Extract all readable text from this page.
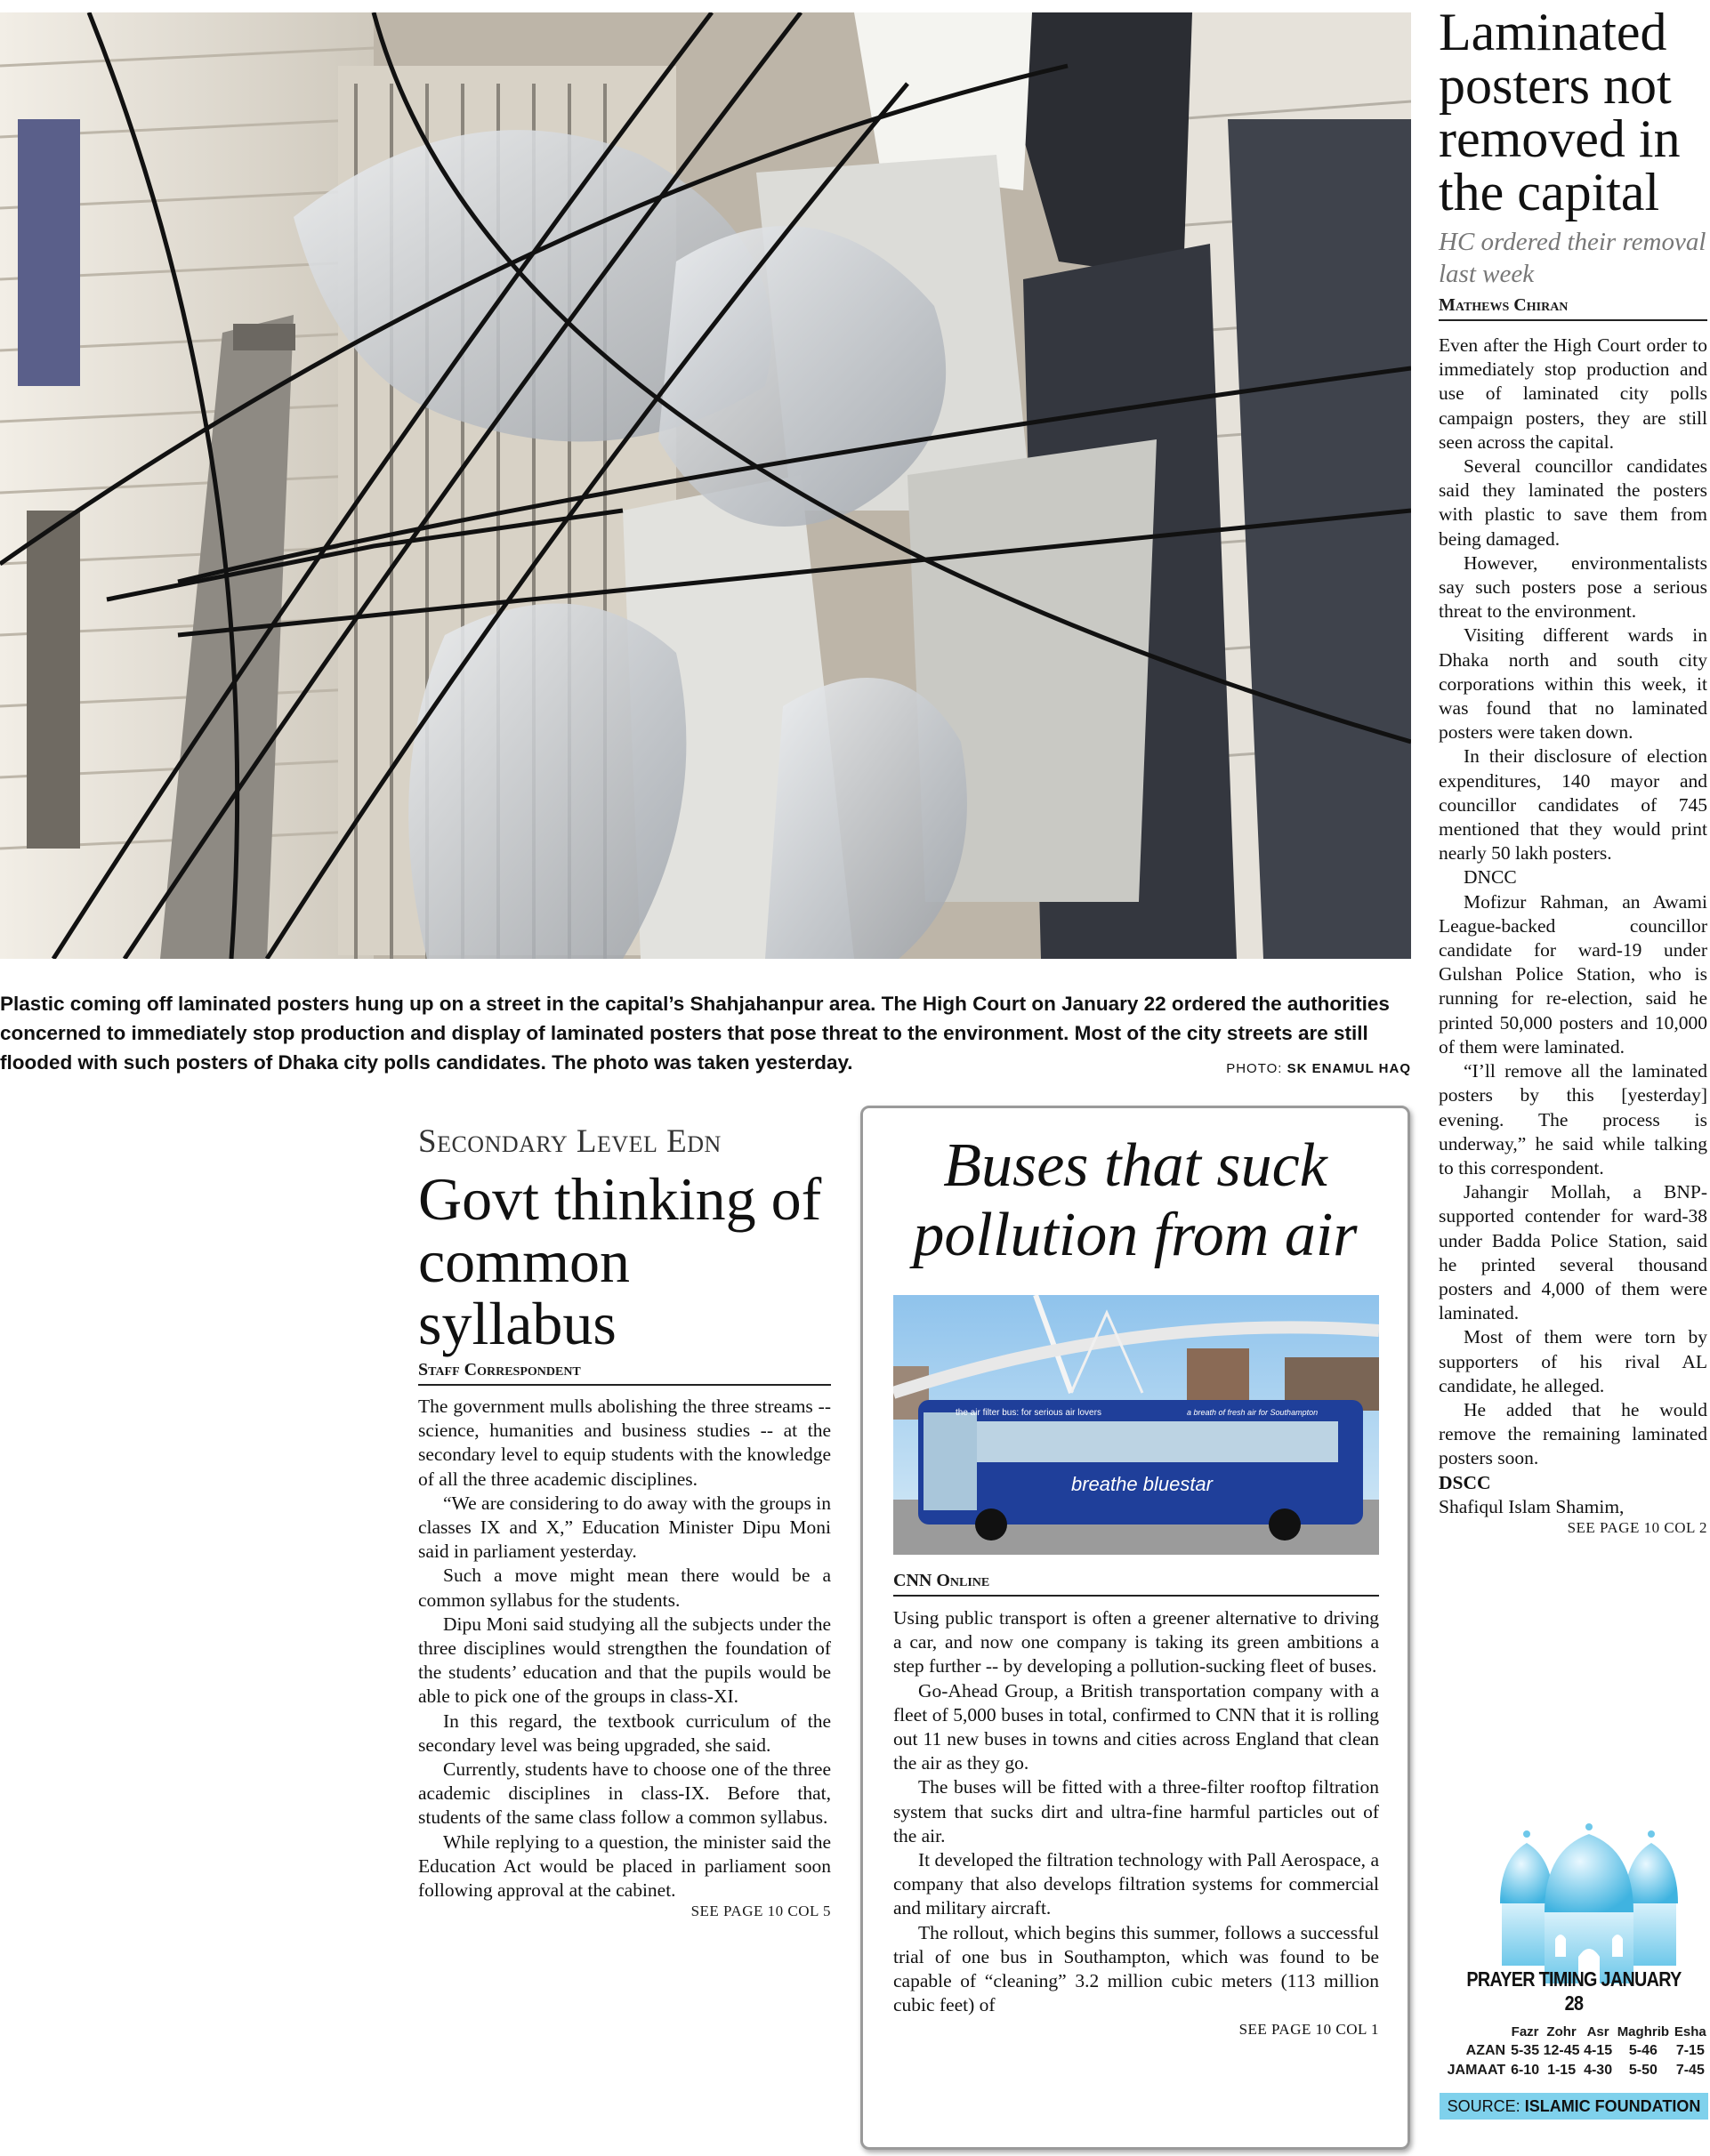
Plastic coming off laminated posters hung up on a street in the capital’s Shahjahanpur area. The High Court on January 22 ordered the authorities concerned to immediately stop production and display of laminated posters that pose threat to the environment. Most of the city streets are still flooded with such posters of Dhaka city polls candidates. The photo was taken yesterday.	PHOTO: SK ENAMUL HAQ
Laminated posters not removed in the capital
HC ordered their removal last week
Mathews Chiran

Even after the High Court order to immediately stop production and use of laminated city polls campaign posters, they are still seen across the capital.

Several councillor candidates said they laminated the posters with plastic to save them from being damaged.

However, environmentalists say such posters pose a serious threat to the environment.

Visiting different wards in Dhaka north and south city corporations within this week, it was found that no laminated posters were taken down.

In their disclosure of election expenditures, 140 mayor and councillor candidates of 745 mentioned that they would print nearly 50 lakh posters.

DNCC

Mofizur Rahman, an Awami League-backed councillor candidate for ward-19 under Gulshan Police Station, who is running for re-election, said he printed 50,000 posters and 10,000 of them were laminated.

“I’ll remove all the laminated posters by this [yesterday] evening. The process is underway,” he said while talking to this correspondent.

Jahangir Mollah, a BNP-supported contender for ward-38 under Badda Police Station, said he printed several thousand posters and 4,000 of them were laminated.

Most of them were torn by supporters of his rival AL candidate, he alleged.

He added that he would remove the remaining laminated posters soon.

DSCC

Shafiqul Islam Shamim,

SEE PAGE 10 COL 2
Secondary Level Edn
Govt thinking of common syllabus
Staff Correspondent

The government mulls abolishing the three streams -- science, humanities and business studies -- at the secondary level to equip students with the knowledge of all the three academic disciplines.

“We are considering to do away with the groups in classes IX and X,” Education Minister Dipu Moni said in parliament yesterday.

Such a move might mean there would be a common syllabus for the students.

Dipu Moni said studying all the subjects under the three disciplines would strengthen the foundation of the students’ education and that the pupils would be able to pick one of the groups in class-XI.

In this regard, the textbook curriculum of the secondary level was being upgraded, she said.

Currently, students have to choose one of the three academic disciplines in class-IX. Before that, students of the same class follow a common syllabus.

While replying to a question, the minister said the Education Act would be placed in parliament soon following approval at the cabinet.

SEE PAGE 10 COL 5
Buses that suck pollution from air
the air filter bus: for serious air lovers	a breath of fresh air for Southampton
breathe bluestar
CNN Online

Using public transport is often a greener alternative to driving a car, and now one company is taking its green ambitions a step further -- by developing a pollution-sucking fleet of buses.

Go-Ahead Group, a British transportation company with a fleet of 5,000 buses in total, confirmed to CNN that it is rolling out 11 new buses in towns and cities across England that clean the air as they go.

The buses will be fitted with a three-filter rooftop filtration system that sucks dirt and ultra-fine harmful particles out of the air.

It developed the filtration technology with Pall Aerospace, a company that also develops filtration systems for commercial and military aircraft.

The rollout, which begins this summer, follows a successful trial of one bus in Southampton, which was found to be capable of “cleaning” 3.2 million cubic meters (113 million cubic feet) of

SEE PAGE 10 COL 1
PRAYER TIMING JANUARY 28
	Fazr	Zohr	Asr	Maghrib	Esha
AZAN	5-35	12-45	4-15	5-46	7-15
JAMAAT	6-10	1-15	4-30	5-50	7-45
SOURCE: ISLAMIC FOUNDATION
